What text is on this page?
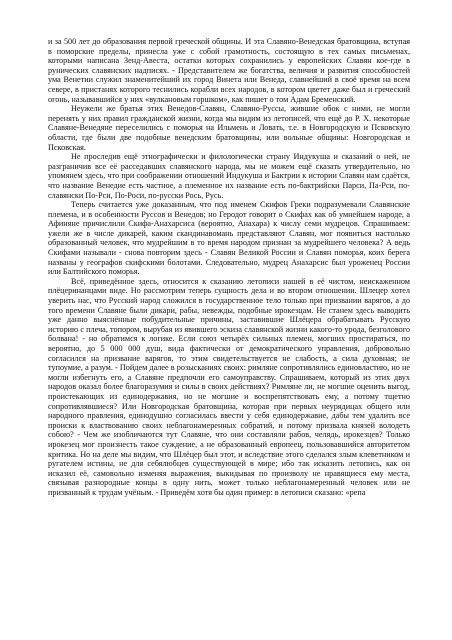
и за 500 лет до образования первой греческой общины. И эта Славяно-Венедская братовщина, вступая в поморские пределы, принесла уже с собой грамотность, состоящую в тех самых письменах, которыми написана Зенд-Авеста, остатки которых сохранились у европейских Славян кое-где в рунических славянских надписях. - Представителем же богатства, величия и развития способностей ума Венетии служил знаменитейший их город Винета или Венеда, славнейший в своё время на всем севере, в пристанях которого теснились корабли всех народов, в котором цветет даже был и греческий огонь, называвшийся у них «вулкановым горшком», как пишет о том Адам Бременский.

Неужели же братья этих Венедов-Славян, Славяно-Руссы, жившие обок с ними, не могли перенять у них правил гражданской жизни, когда мы видим из летописей, что ещё до Р. Х. некоторые Славяне-Венедяне переселились с поморья на Ильмень и Ловать, т.е. в Новгородскую и Псковскую области, где были две подобные венедским братовщины, или вольные общины: Новгородская и Псковская.

Не проследив ещё этнографически и филологически страну Индукуша и сказаний о ней, не разграничив все её расседавших славянского народа, мы не можем ещё сказать утвердительно, но упомянем здесь, что при соображении отношений Индукуша и Бактрии к истории Славян нам сдаётся, что название Венедие есть частное, а племенное их название есть по-бактрийски Парси, Па-Рси, по-славянски По-Рси, По-Роси, по-русски Рось, Русь.

Теперь считается уже доказанным, что под именем Скифов Греки подразумевали Славянские племена, и в особенности Руссов и Венедов; но Геродот говорит о Скифах как об умнейшем народе, а Афиняне причислили Скифа-Анахарсиса (вероятно, Анахара) к числу семи мудрецов. Спрашиваем: ужели же в числе дикарей, каким скандинавомань представляют Славян, мог появиться настолько образованный человек, что мудрейшим в то время народом признан за мудрейшего человека? А ведь Скифами называли - снова повторим здесь - Славян Великой России и Славян поморья, коих берега названы у географов скифскими болотами. Следовательно, мудрец Анахарсис был уроженец России или Балтийского поморья.

Всё, приведённое здесь, относится к сказанию летописи нашей в её чистом, неискаженном плёцеринанцами виде. Но рассмотрим теперь сущность дела и во втором отношении. Шлецер хотел уверить нас, что Русский народ сложился в государственное тело только при призвании варягов, а до того времени Славяне были дикари, рабы, невежды, подобные ирокезцам. Не станем здесь выводить уже данно выяснённые побудительные причины, заставившие Шлёцера обрабатывать Русскую историю с плеча, топором, вырубая из явившего эскиза славянской жизни какого-то урода, безголового болвана! - но обратимся к логике. Если союз четырёх сильных племен, могших простираться, по вероятно, до 5 000 000 душ, вида фактически от демократического управления, добровольно согласился на призвание варягов, то этим свидетельствуется не слабость, а сила духовная; не тупоумие, а разум. - Пойдем далее в розысканиях своих: римляне сопротивлялись единовластию, но не могли избегнуть его, а Славяне предпочли его самоуправству. Спрашиваем, который из этих двух народов оказал более благоразумия и силы в своих действиях? Римляне ли, не могшие оценить выгод, проистекающих из единодержавия, но не могшие и воспрепятствовать ему, а потому тщетно сопротивлявшиеся? Или Новгородская братовщина, которая при первых неурядицах общего или народного правления, единодушно согласилась ввести у себя единодержавие, дабы тем удалить все происки к властвованию своих неблагонамеренных собратий, и потому призвала князей володеть собою? - Чем же изобличаются тут Славяне, что они составляли рабов, челядь, ирокезцев? Только ирокезец мог произнесть такое суждение, а не образованный европеец, пользовавшийся авторитетом критика. Но на деле мы видим, что Шлёцер был этот, и вследствие этого сделался злым клеветником и ругателем истины, не для себялюбцев существующей в мире; ибо так исказить летопись, как он исказил её, самовольно изменяя выражения, выкидывая по произволу не нравящиеся ему места, связывая разнородные концы в одну нить, может только неблагонамеренный человек или не призванный к трудам учёным. - Приведём хотя бы один пример: в летописи сказано: «репа
